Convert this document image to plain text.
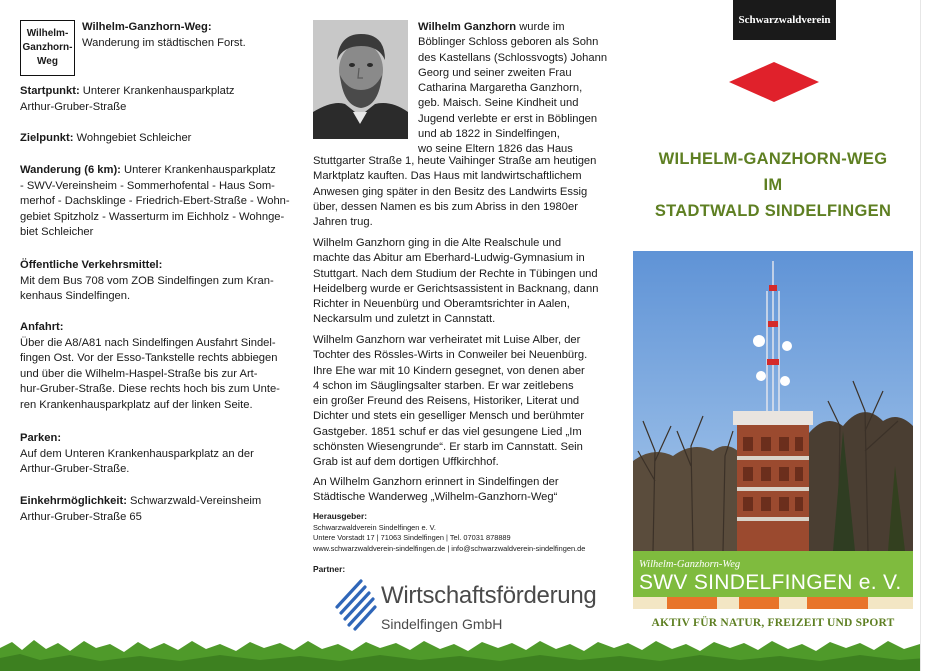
Wilhelm-
Ganzhorn-
Weg
Wilhelm-Ganzhorn-Weg:
Wanderung im städtischen Forst.
Startpunkt: Unterer Krankenhausparkplatz
Arthur-Gruber-Straße
Zielpunkt: Wohngebiet Schleicher
Wanderung (6 km): Unterer Krankenhausparkplatz
- SWV-Vereinsheim - Sommerhofental - Haus Som-
merhof - Dachsklinge - Friedrich-Ebert-Straße - Wohn-
gebiet Spitzholz - Wasserturm im Eichholz - Wohnge-
biet Schleicher
Öffentliche Verkehrsmittel:
Mit dem Bus 708 vom ZOB Sindelfingen zum Kran-
kenhaus Sindelfingen.
Anfahrt:
Über die A8/A81 nach Sindelfingen Ausfahrt Sindel-
fingen Ost. Vor der Esso-Tankstelle rechts abbiegen
und über die Wilhelm-Haspel-Straße bis zur Art-
hur-Gruber-Straße. Diese rechts hoch bis zum Unte-
ren Krankenhausparkplatz auf der linken Seite.
Parken:
Auf dem Unteren Krankenhausparkplatz an der
Arthur-Gruber-Straße.
Einkehrmöglichkeit: Schwarzwald-Vereinsheim
Arthur-Gruber-Straße 65
Wilhelm Ganzhorn wurde im
Böblinger Schloss geboren als Sohn
des Kastellans (Schlossvogts) Johann
Georg und seiner zweiten Frau
Catharina Margaretha Ganzhorn,
geb. Maisch. Seine Kindheit und
Jugend verlebte er erst in Böblingen
und ab 1822 in Sindelfingen,
wo seine Eltern 1826 das Haus
Stuttgarter Straße 1, heute Vaihinger Straße am heutigen
Marktplatz kauften. Das Haus mit landwirtschaftlichem
Anwesen ging später in den Besitz des Landwirts Essig
über, dessen Namen es bis zum Abriss in den 1980er
Jahren trug.
Wilhelm Ganzhorn ging in die Alte Realschule und
machte das Abitur am Eberhard-Ludwig-Gymnasium in
Stuttgart. Nach dem Studium der Rechte in Tübingen und
Heidelberg wurde er Gerichtsassistent in Backnang, dann
Richter in Neuenbürg und Oberamtsrichter in Aalen,
Neckarsulm und zuletzt in Cannstatt.
Wilhelm Ganzhorn war verheiratet mit Luise Alber, der
Tochter des Rössles-Wirts in Conweiler bei Neuenbürg.
Ihre Ehe war mit 10 Kindern gesegnet, von denen aber
4 schon im Säuglingsalter starben. Er war zeitlebens
ein großer Freund des Reisens, Historiker, Literat und
Dichter und stets ein geselliger Mensch und berühmter
Gastgeber. 1851 schuf er das viel gesungene Lied „Im
schönsten Wiesengrunde“. Er starb im Cannstatt. Sein
Grab ist auf dem dortigen Uffkirchhof.
An Wilhelm Ganzhorn erinnert in Sindelfingen der
Städtische Wanderweg „Wilhelm-Ganzhorn-Weg“
Herausgeber:
Schwarzwaldverein Sindelfingen e. V.
Untere Vorstadt 17 | 71063 Sindelfingen | Tel. 07031 878889
www.schwarzwaldverein-sindelfingen.de | info@schwarzwaldverein-sindelfingen.de
Partner:
Wirtschaftsförderung
Sindelfingen GmbH
Schwarzwaldverein
WILHELM-GANZHORN-WEG
IM
STADTWALD SINDELFINGEN
Wilhelm-Ganzhorn-Weg
SWV SINDELFINGEN e. V.
AKTIV FÜR NATUR, FREIZEIT UND SPORT
